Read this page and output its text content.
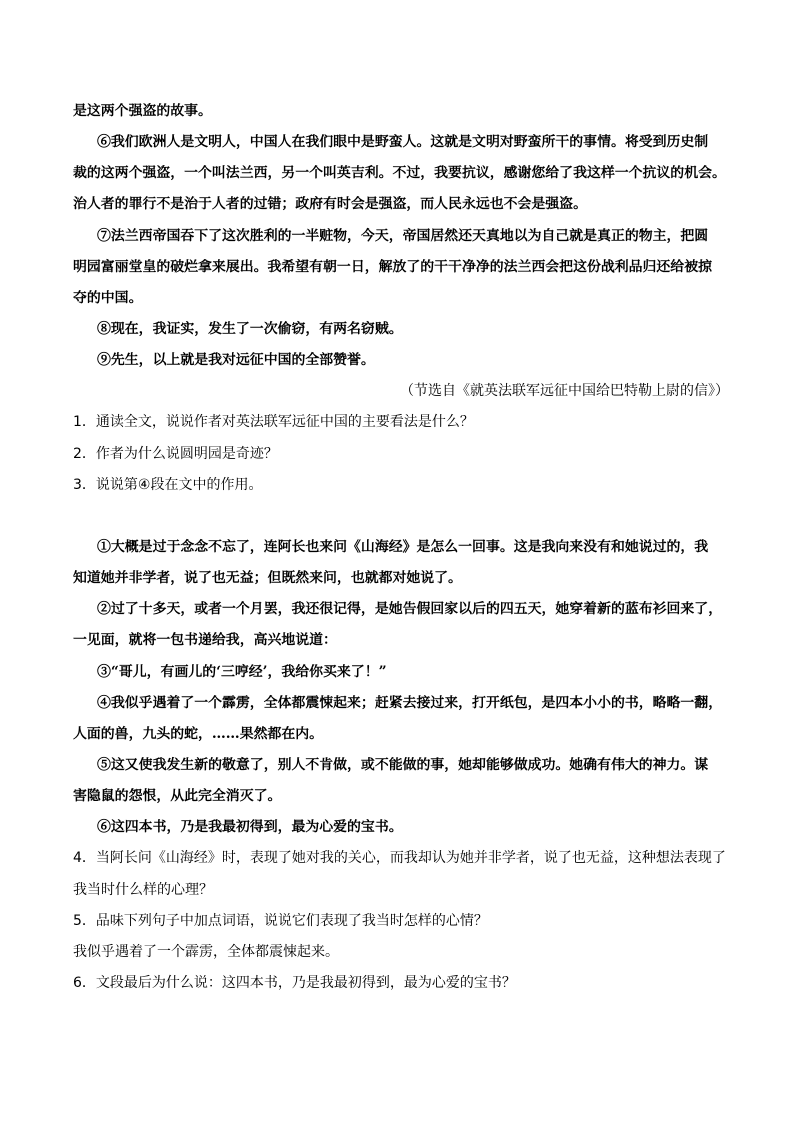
是这两个强盗的故事。
⑥我们欧洲人是文明人，中国人在我们眼中是野蛮人。这就是文明对野蛮所干的事情。将受到历史制
裁的这两个强盗，一个叫法兰西，另一个叫英吉利。不过，我要抗议，感谢您给了我这样一个抗议的机会。
治人者的罪行不是治于人者的过错；政府有时会是强盗，而人民永远也不会是强盗。
⑦法兰西帝国吞下了这次胜利的一半赃物，今天，帝国居然还天真地以为自己就是真正的物主，把圆
明园富丽堂皇的破烂拿来展出。我希望有朝一日，解放了的干干净净的法兰西会把这份战利品归还给被掠
夺的中国。
⑧现在，我证实，发生了一次偷窃，有两名窃贼。
⑨先生，以上就是我对远征中国的全部赞誉。
（节选自《就英法联军远征中国给巴特勒上尉的信》）
1．通读全文，说说作者对英法联军远征中国的主要看法是什么？
2．作者为什么说圆明园是奇迹？
3．说说第④段在文中的作用。
①大概是过于念念不忘了，连阿长也来问《山海经》是怎么一回事。这是我向来没有和她说过的，我
知道她并非学者，说了也无益；但既然来问，也就都对她说了。
②过了十多天，或者一个月罢，我还很记得，是她告假回家以后的四五天，她穿着新的蓝布衫回来了，
一见面，就将一包书递给我，高兴地说道：
③“哥儿，有画儿的‘三哼经’，我给你买来了！”
④我似乎遇着了一个霹雳，全体都震悚起来；赶紧去接过来，打开纸包，是四本小小的书，略略一翻，
人面的兽，九头的蛇，……果然都在内。
⑤这又使我发生新的敬意了，别人不肯做，或不能做的事，她却能够做成功。她确有伟大的神力。谋
害隐鼠的怨恨，从此完全消灭了。
⑥这四本书，乃是我最初得到，最为心爱的宝书。
4．当阿长问《山海经》时，表现了她对我的关心，而我却认为她并非学者，说了也无益，这种想法表现了
我当时什么样的心理？
5．品味下列句子中加点词语，说说它们表现了我当时怎样的心情？
我似乎遇着了一个霹雳，全体都震悚起来。
6．文段最后为什么说：这四本书，乃是我最初得到，最为心爱的宝书？
